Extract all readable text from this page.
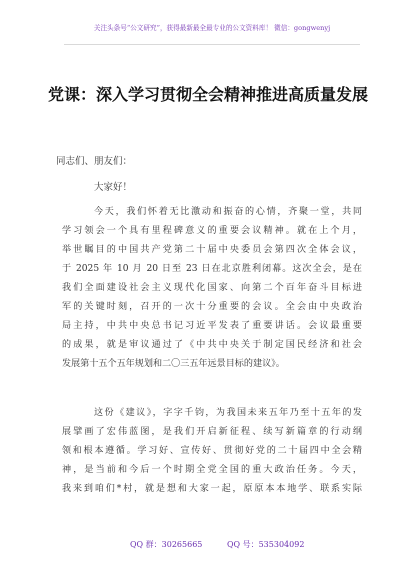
关注头条号“公文研究”，获得最新最全最专业的公文资料库！ 微信：gongwenyj
党课：深入学习贯彻全会精神推进高质量发展
同志们、朋友们：
大家好！
今天，我们怀着无比激动和振奋的心情，齐聚一堂，共同
学习领会一个具有里程碑意义的重要会议精神。就在上个月，
举世瞩目的中国共产党第二十届中央委员会第四次全体会议，
于 2025 年 10 月 20 日至 23 日在北京胜利闭幕。这次全会，是在
我们全面建设社会主义现代化国家、向第二个百年奋斗目标进
军的关键时刻，召开的一次十分重要的会议。全会由中央政治
局主持，中共中央总书记习近平发表了重要讲话。会议最重要
的成果，就是审议通过了《中共中央关于制定国民经济和社会
发展第十五个五年规划和二〇三五年远景目标的建议》。
这份《建议》，字字千钧，为我国未来五年乃至十五年的发
展擘画了宏伟蓝图，是我们开启新征程、续写新篇章的行动纲
领和根本遵循。学习好、宣传好、贯彻好党的二十届四中全会精
神，是当前和今后一个时期全党全国的重大政治任务。今天，
我来到咱们*村，就是想和大家一起，原原本本地学、联系实际
QQ 群：30265665	QQ 号：535304092
